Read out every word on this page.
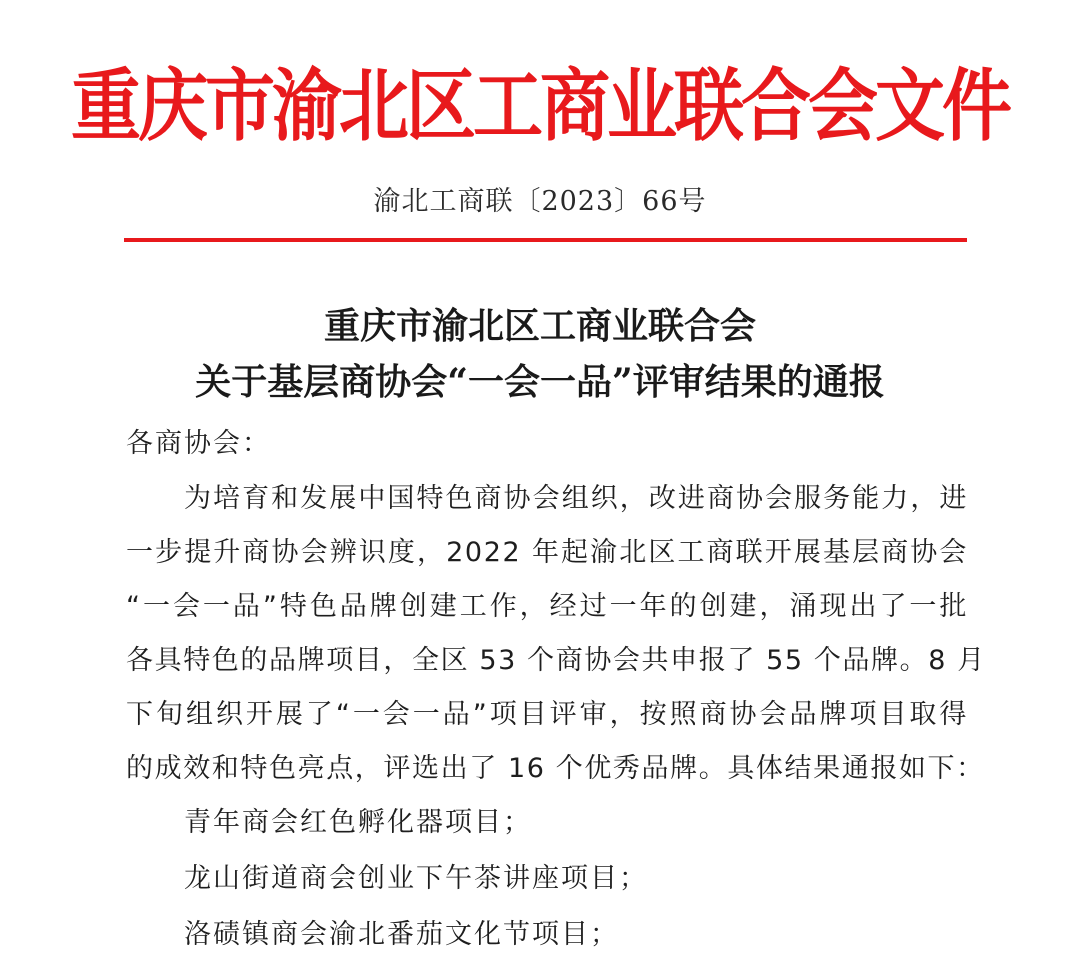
重庆市渝北区工商业联合会文件
渝北工商联〔2023〕66号
重庆市渝北区工商业联合会
关于基层商协会“一会一品”评审结果的通报
各商协会：
为培育和发展中国特色商协会组织，改进商协会服务能力，进
一步提升商协会辨识度，2022 年起渝北区工商联开展基层商协会
“一会一品”特色品牌创建工作，经过一年的创建，涌现出了一批
各具特色的品牌项目，全区 53 个商协会共申报了 55 个品牌。8 月
下旬组织开展了“一会一品”项目评审，按照商协会品牌项目取得
的成效和特色亮点，评选出了 16 个优秀品牌。具体结果通报如下：
青年商会红色孵化器项目；
龙山街道商会创业下午茶讲座项目；
洛碛镇商会渝北番茄文化节项目；
